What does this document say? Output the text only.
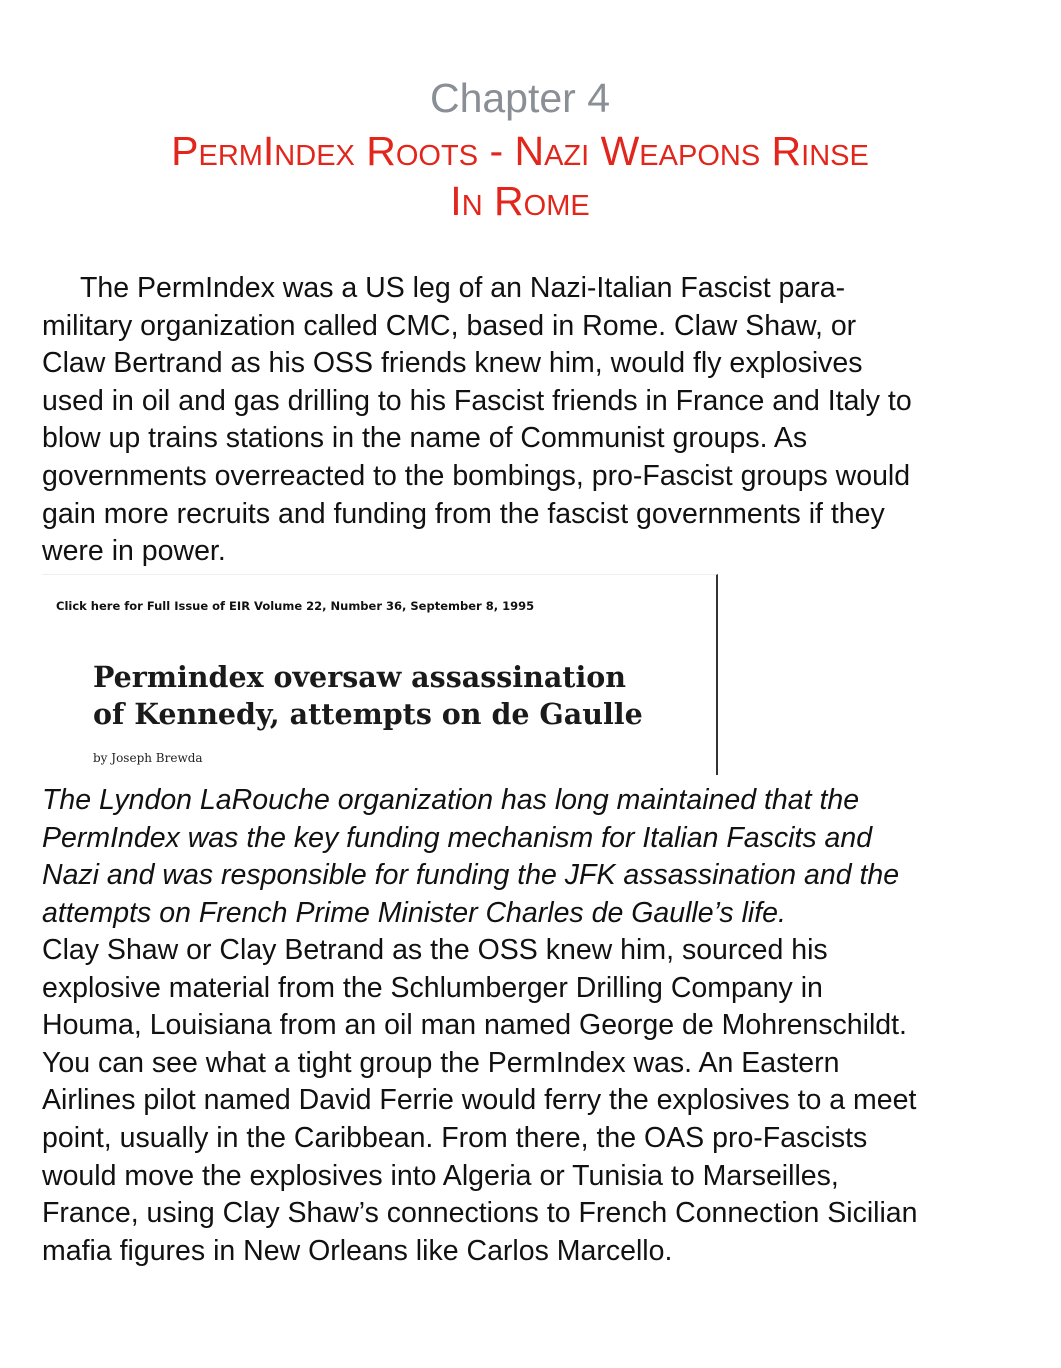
Chapter 4
PermIndex Roots - Nazi Weapons Rinse
In Rome

The PermIndex was a US leg of an Nazi-Italian Fascist para-
military organization called CMC, based in Rome. Claw Shaw, or
Claw Bertrand as his OSS friends knew him, would fly explosives
used in oil and gas drilling to his Fascist friends in France and Italy to
blow up trains stations in the name of Communist groups. As
governments overreacted to the bombings, pro-Fascist groups would
gain more recruits and funding from the fascist governments if they
were in power.

Click here for Full Issue of EIR Volume 22, Number 36, September 8, 1995
Permindex oversaw assassination
of Kennedy, attempts on de Gaulle
by Joseph Brewda

The Lyndon LaRouche organization has long maintained that the
PermIndex was the key funding mechanism for Italian Fascits and
Nazi and was responsible for funding the JFK assassination and the
attempts on French Prime Minister Charles de Gaulle’s life.

Clay Shaw or Clay Betrand as the OSS knew him, sourced his
explosive material from the Schlumberger Drilling Company in
Houma, Louisiana from an oil man named George de Mohrenschildt.
You can see what a tight group the PermIndex was. An Eastern
Airlines pilot named David Ferrie would ferry the explosives to a meet
point, usually in the Caribbean. From there, the OAS pro-Fascists
would move the explosives into Algeria or Tunisia to Marseilles,
France, using Clay Shaw’s connections to French Connection Sicilian
mafia figures in New Orleans like Carlos Marcello.
